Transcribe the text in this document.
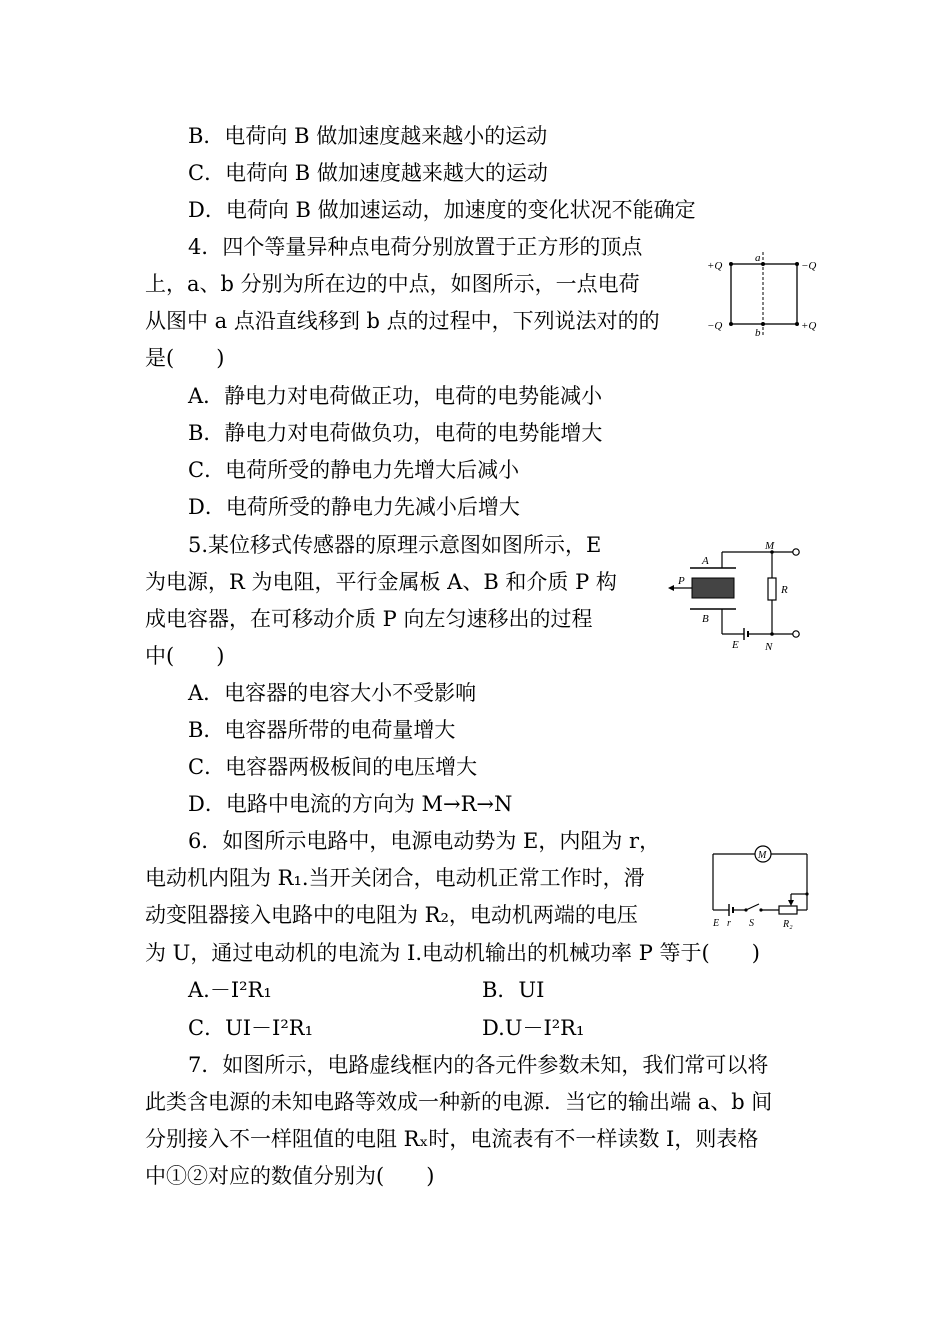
B．电荷向 B 做加速度越来越小的运动
C．电荷向 B 做加速度越来越大的运动
D．电荷向 B 做加速运动，加速度的变化状况不能确定
4．四个等量异种点电荷分别放置于正方形的顶点
上，a、b 分别为所在边的中点，如图所示，一点电荷
从图中 a 点沿直线移到 b 点的过程中，下列说法对的的
是(　　)
A．静电力对电荷做正功，电荷的电势能减小
B．静电力对电荷做负功，电荷的电势能增大
C．电荷所受的静电力先增大后减小
D．电荷所受的静电力先减小后增大
+Q	−Q
−Q	+Q
a
b
5.某位移式传感器的原理示意图如图所示，E
为电源，R 为电阻，平行金属板 A、B 和介质 P 构
成电容器，在可移动介质 P 向左匀速移出的过程
中(　　)
A．电容器的电容大小不受影响
B．电容器所带的电荷量增大
C．电容器两极板间的电压增大
D．电路中电流的方向为 M→R→N
M
N
R
A
B
P
E
6．如图所示电路中，电源电动势为 E，内阻为 r，
电动机内阻为 R₁.当开关闭合，电动机正常工作时，滑
动变阻器接入电路中的电阻为 R₂，电动机两端的电压
为 U，通过电动机的电流为 I.电动机输出的机械功率 P 等于(　　)
A.－I²R₁	B．UI
C．UI－I²R₁	D.U－I²R₁
M
E r S	R₂
7．如图所示，电路虚线框内的各元件参数未知，我们常可以将
此类含电源的未知电路等效成一种新的电源．当它的输出端 a、b 间
分别接入不一样阻值的电阻 Rₓ时，电流表有不一样读数 I，则表格
中①②对应的数值分别为(　　)
